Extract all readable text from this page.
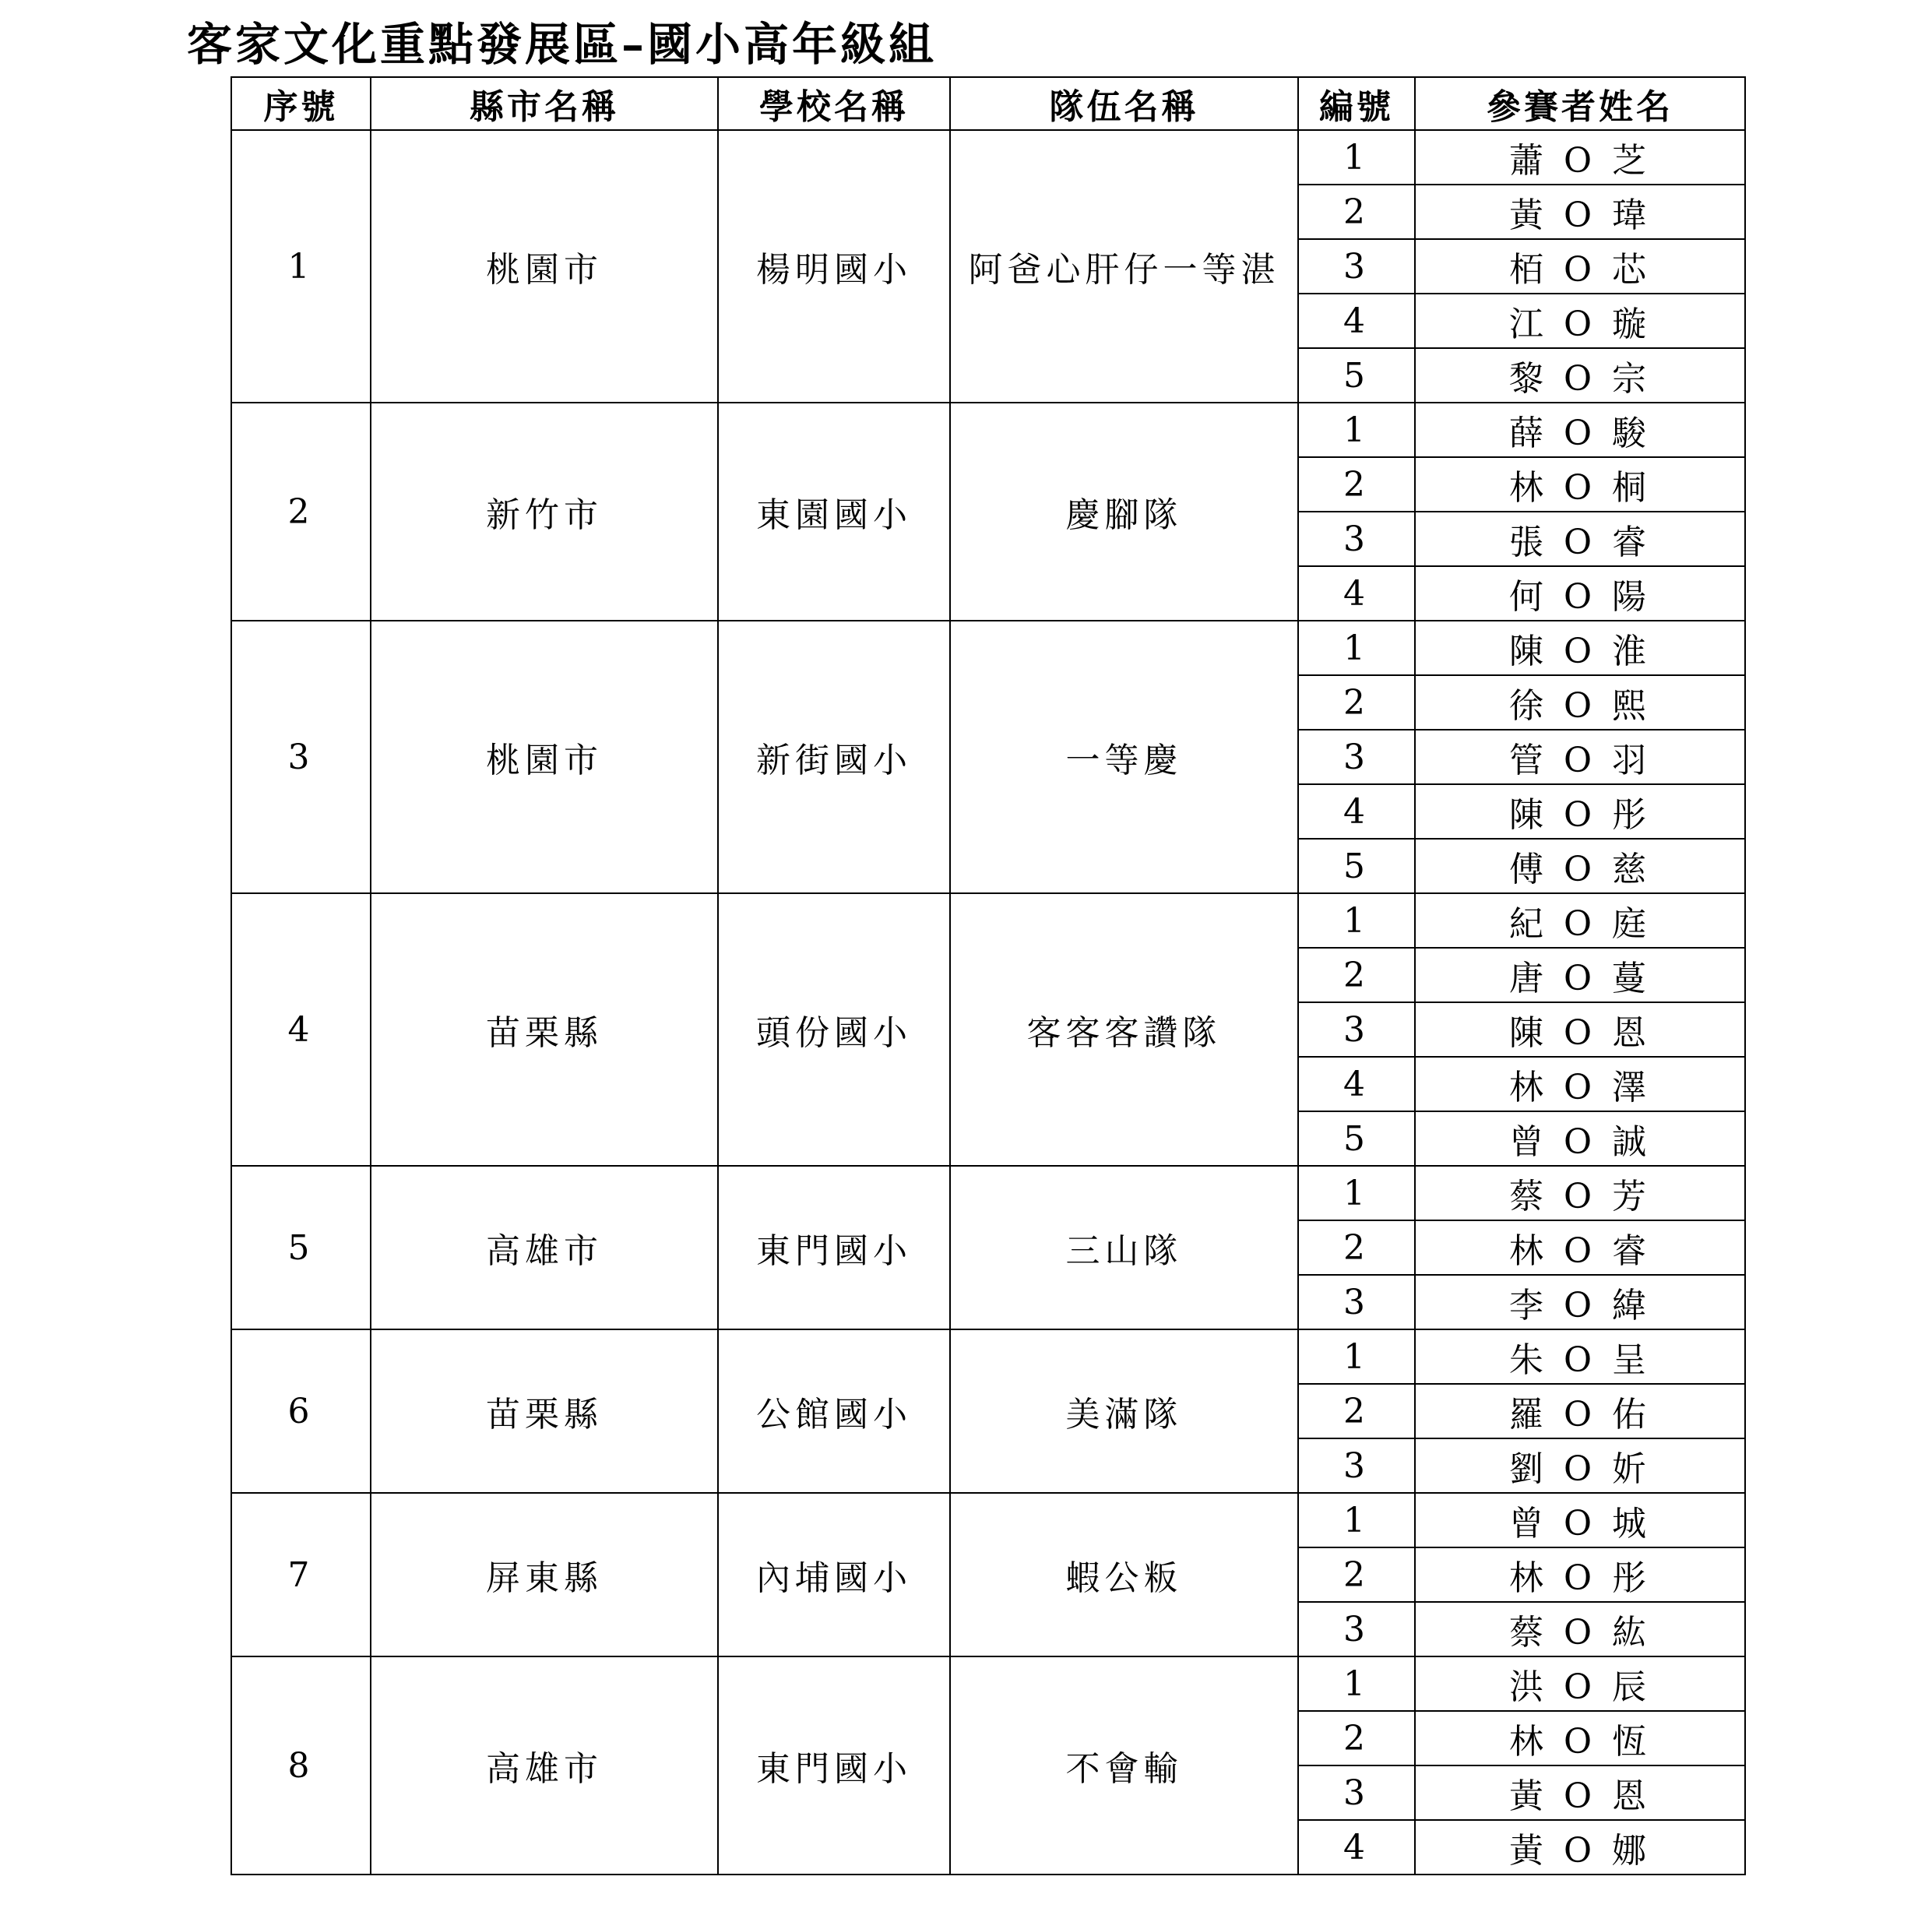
客家文化重點發展區–國小高年級組
序號	縣市名稱	學校名稱	隊伍名稱	編號	參賽者姓名
1	桃園市	楊明國小	阿爸心肝仔一等湛	1	蕭 O 芝
				2	黃 O 瑋
				3	栢 O 芯
				4	江 O 璇
				5	黎 O 宗
2	新竹市	東園國小	慶腳隊	1	薛 O 駿
				2	林 O 桐
				3	張 O 睿
				4	何 O 陽
3	桃園市	新街國小	一等慶	1	陳 O 淮
				2	徐 O 熙
				3	管 O 羽
				4	陳 O 彤
				5	傅 O 慈
4	苗栗縣	頭份國小	客客客讚隊	1	紀 O 庭
				2	唐 O 蔓
				3	陳 O 恩
				4	林 O 澤
				5	曾 O 誠
5	高雄市	東門國小	三山隊	1	蔡 O 芳
				2	林 O 睿
				3	李 O 緯
6	苗栗縣	公館國小	美滿隊	1	朱 O 呈
				2	羅 O 佑
				3	劉 O 妡
7	屏東縣	內埔國小	蝦公粄	1	曾 O 城
				2	林 O 彤
				3	蔡 O 紘
8	高雄市	東門國小	不會輸	1	洪 O 辰
				2	林 O 恆
				3	黃 O 恩
				4	黃 O 娜
